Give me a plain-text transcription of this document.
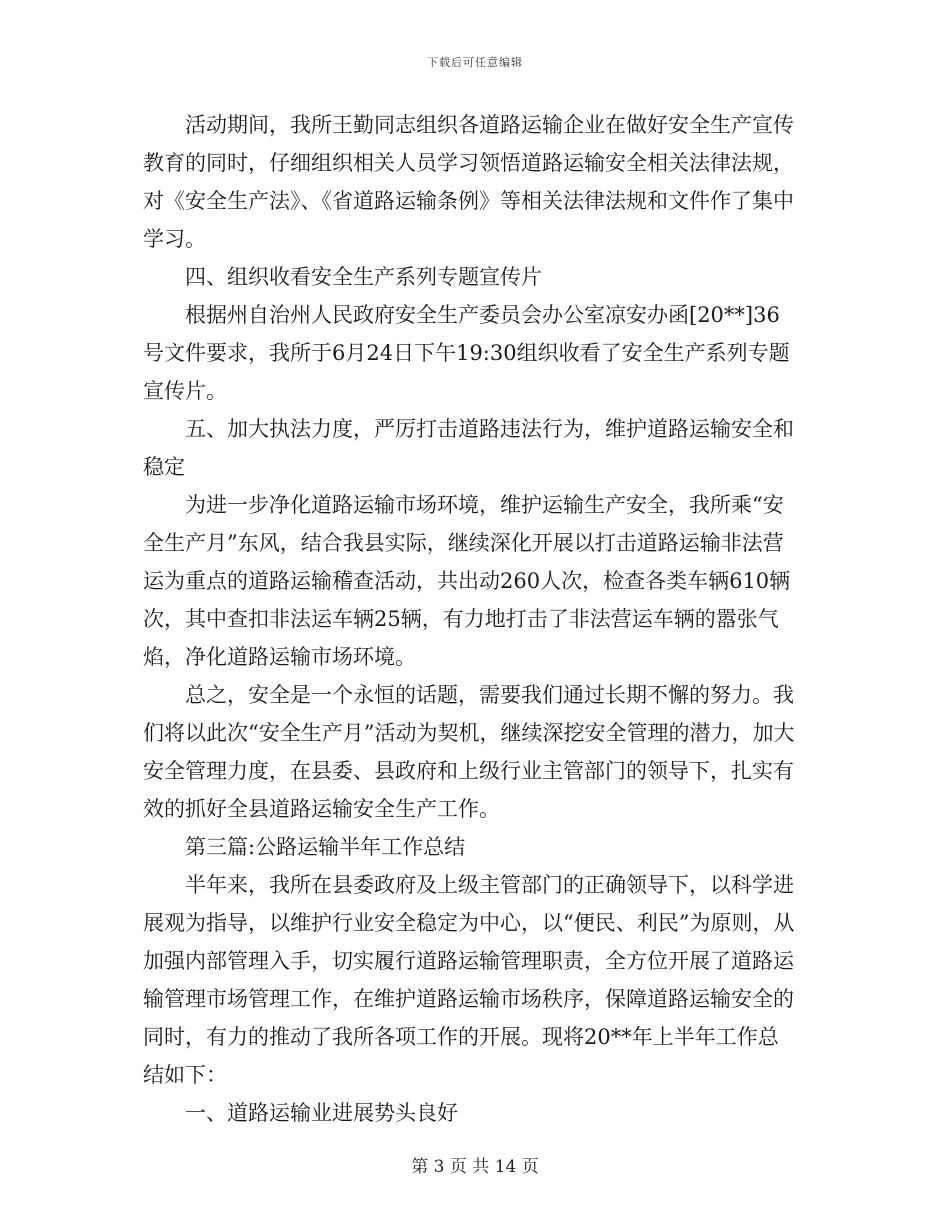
下载后可任意编辑

活动期间，我所王勤同志组织各道路运输企业在做好安全生产宣传教育的同时，仔细组织相关人员学习领悟道路运输安全相关法律法规，对《安全生产法》、《省道路运输条例》等相关法律法规和文件作了集中学习。

四、组织收看安全生产系列专题宣传片

根据州自治州人民政府安全生产委员会办公室凉安办函[20**]36号文件要求，我所于6月24日下午19:30组织收看了安全生产系列专题宣传片。

五、加大执法力度，严厉打击道路违法行为，维护道路运输安全和稳定

为进一步净化道路运输市场环境，维护运输生产安全，我所乘“安全生产月”东风，结合我县实际，继续深化开展以打击道路运输非法营运为重点的道路运输稽查活动，共出动260人次，检查各类车辆610辆次，其中查扣非法运车辆25辆，有力地打击了非法营运车辆的嚣张气焰，净化道路运输市场环境。

总之，安全是一个永恒的话题，需要我们通过长期不懈的努力。我们将以此次“安全生产月”活动为契机，继续深挖安全管理的潜力，加大安全管理力度，在县委、县政府和上级行业主管部门的领导下，扎实有效的抓好全县道路运输安全生产工作。

第三篇:公路运输半年工作总结

半年来，我所在县委政府及上级主管部门的正确领导下，以科学进展观为指导，以维护行业安全稳定为中心，以“便民、利民”为原则，从加强内部管理入手，切实履行道路运输管理职责，全方位开展了道路运输管理市场管理工作，在维护道路运输市场秩序，保障道路运输安全的同时，有力的推动了我所各项工作的开展。现将20**年上半年工作总结如下：

一、道路运输业进展势头良好

第 3 页 共 14 页
